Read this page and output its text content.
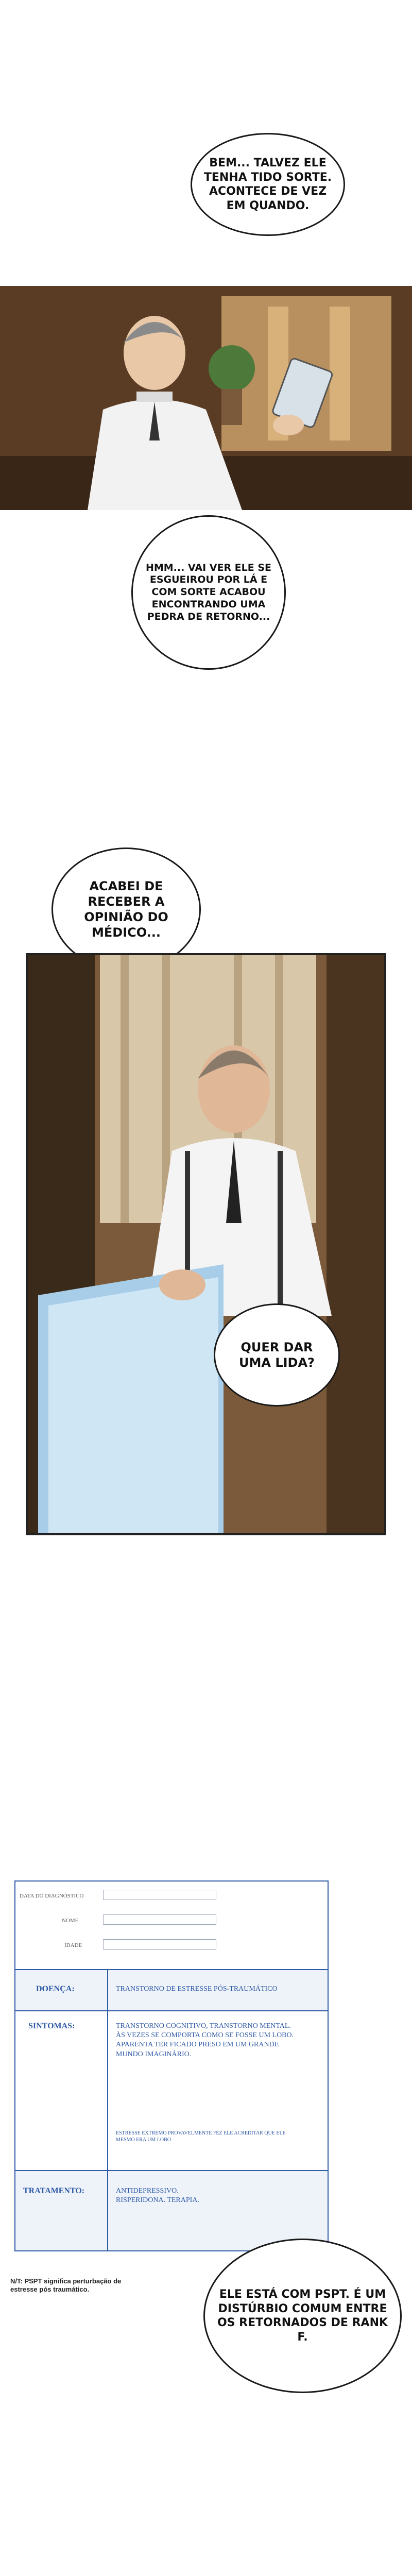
BEM... TALVEZ ELE TENHA TIDO SORTE. ACONTECE DE VEZ EM QUANDO.
HMM... VAI VER ELE SE ESGUEIROU POR LÁ E COM SORTE ACABOU ENCONTRANDO UMA PEDRA DE RETORNO...
ACABEI DE RECEBER A OPINIÃO DO MÉDICO...
QUER DAR UMA LIDA?
DATA DO DIAGNÓSTICO
NOME
IDADE
DOENÇA:	TRANSTORNO DE ESTRESSE PÓS-TRAUMÁTICO
SINTOMAS:	TRANSTORNO COGNITIVO, TRANSTORNO MENTAL. ÀS VEZES SE COMPORTA COMO SE FOSSE UM LOBO. APARENTA TER FICADO PRESO EM UM GRANDE MUNDO IMAGINÁRIO.
ESTRESSE EXTREMO PROVAVELMENTE FEZ ELE ACREDITAR QUE ELE MESMO ERA UM LOBO
TRATAMENTO:	ANTIDEPRESSIVO. RISPERIDONA. TERAPIA.
N/T: PSPT significa perturbação de estresse pós traumático.	ELE ESTÁ COM PSPT. É UM DISTÚRBIO COMUM ENTRE OS RETORNADOS DE RANK F.
